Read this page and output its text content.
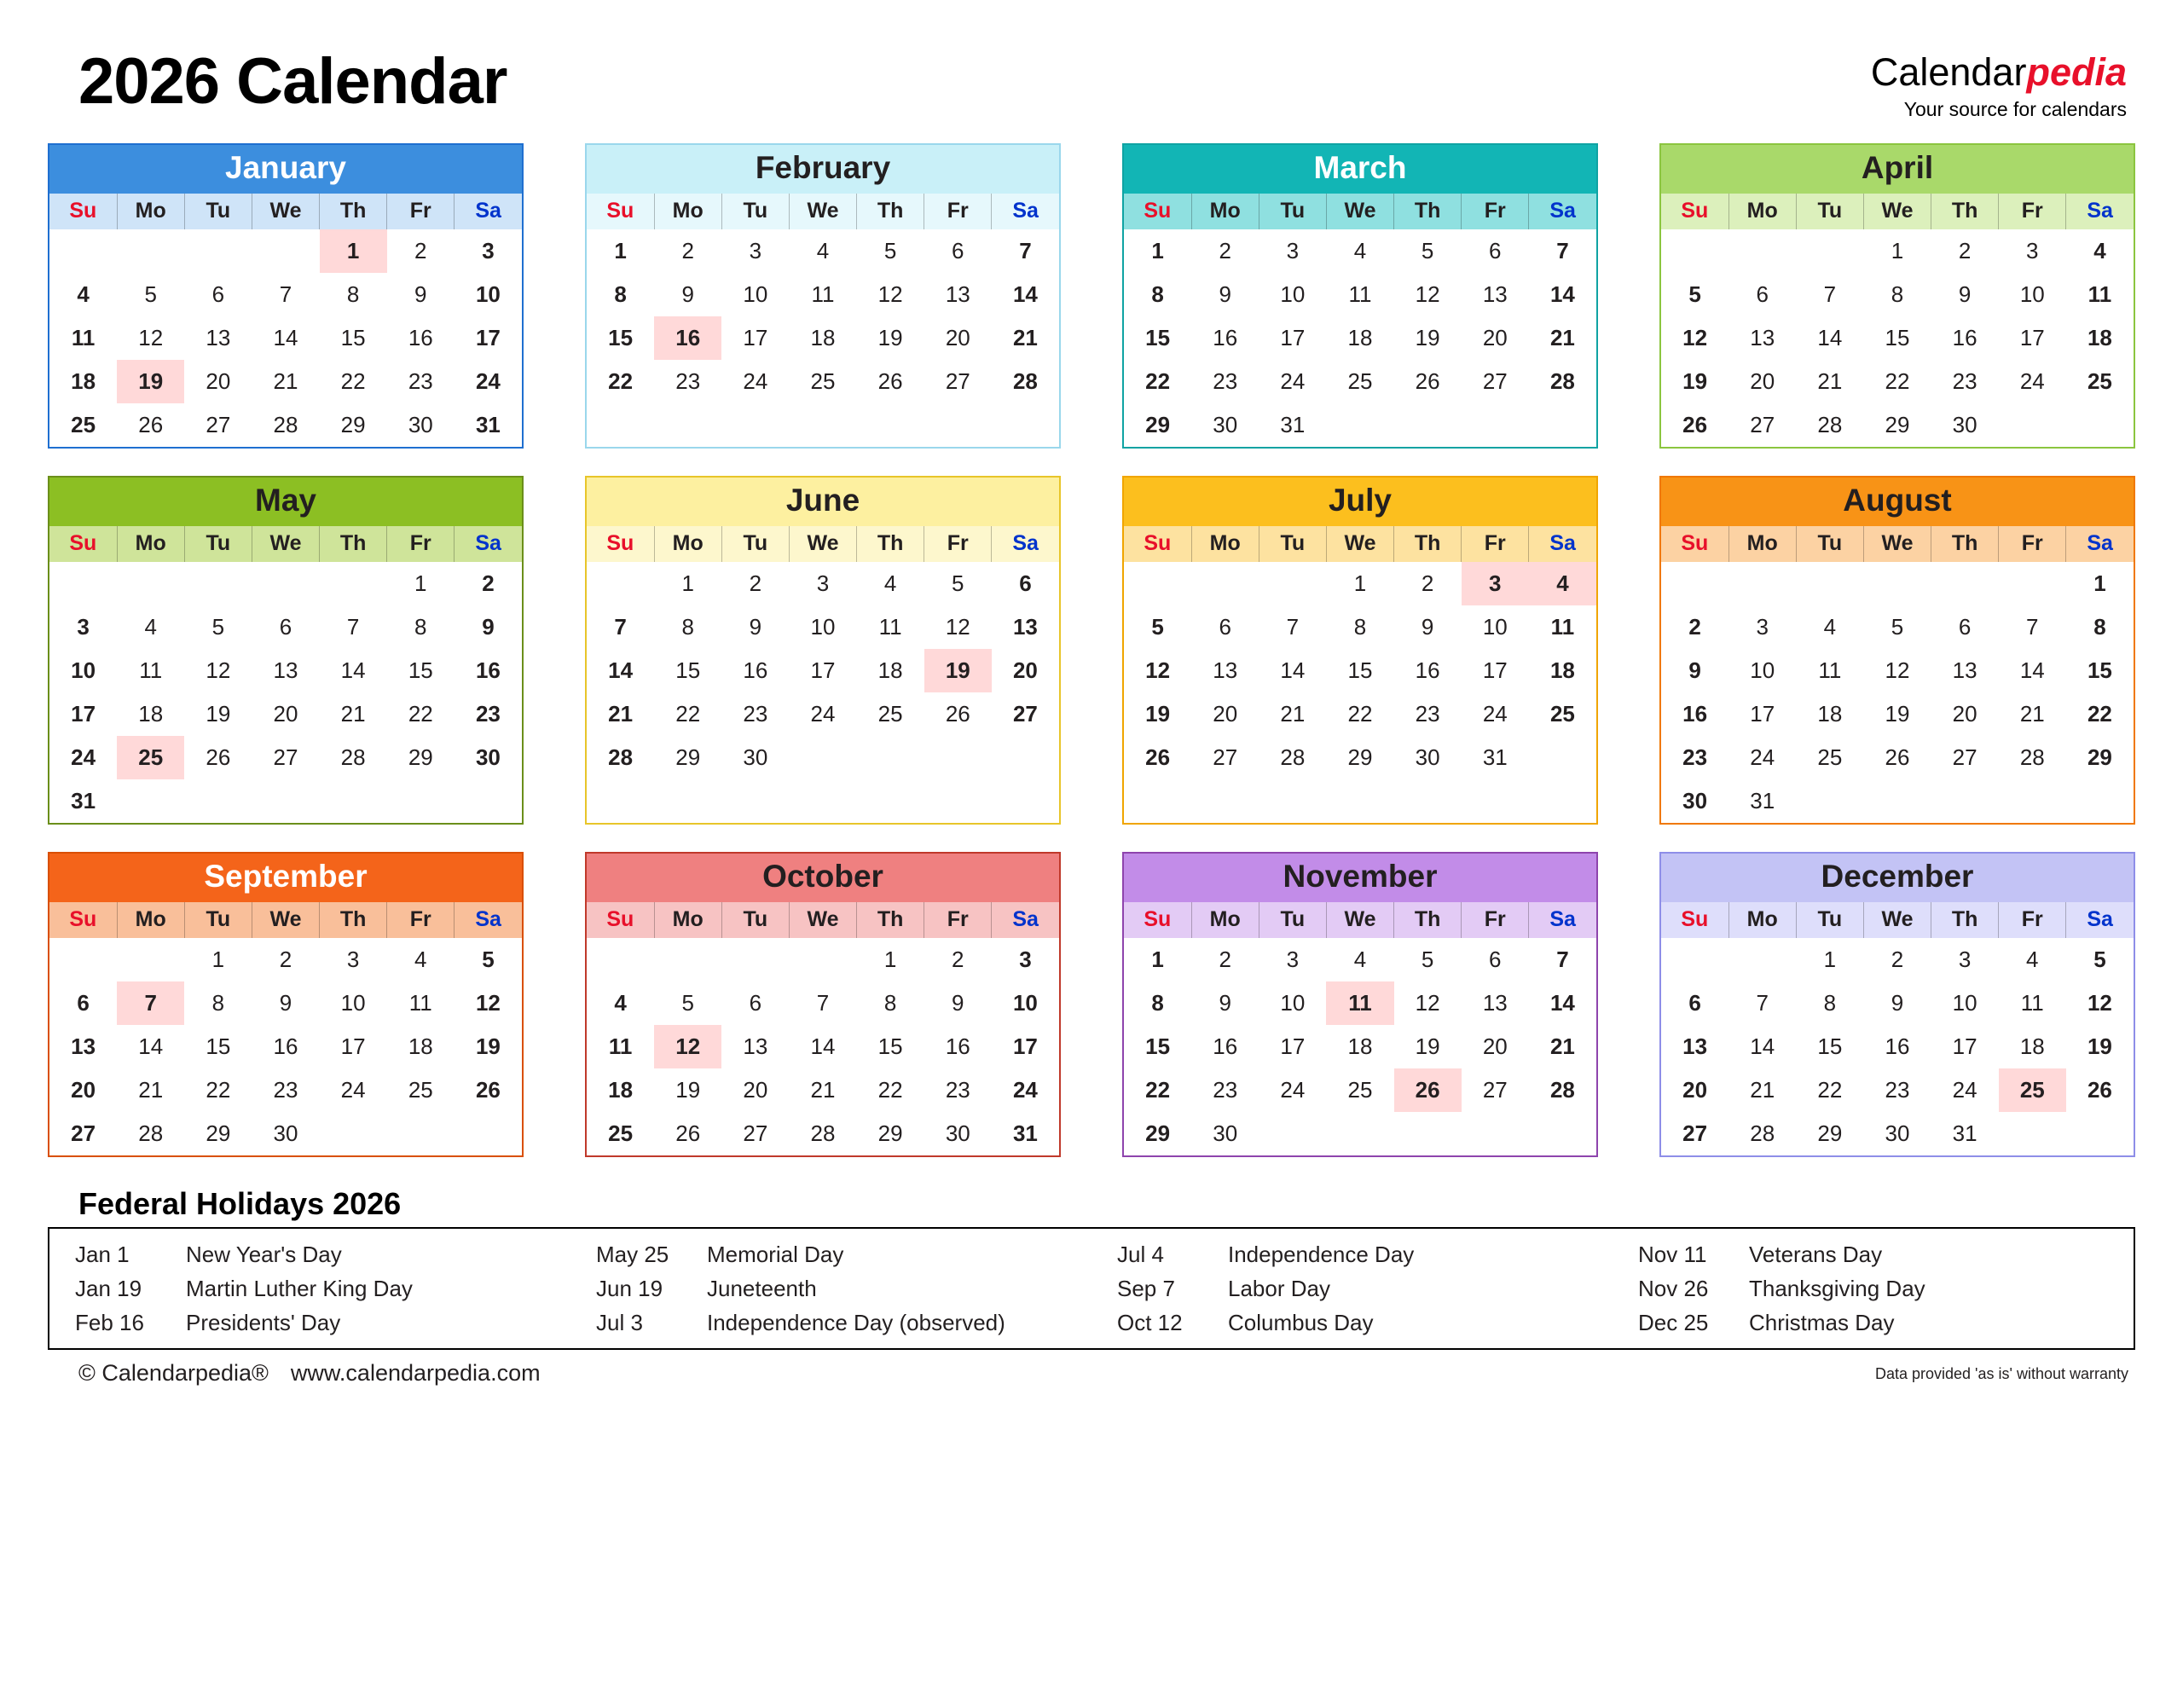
2026 Calendar	Calendarpedia
Your source for calendars
January
Su	Mo	Tu	We	Th	Fr	Sa
				1	2	3
4	5	6	7	8	9	10
11	12	13	14	15	16	17
18	19	20	21	22	23	24
25	26	27	28	29	30	31
February
Su	Mo	Tu	We	Th	Fr	Sa
1	2	3	4	5	6	7
8	9	10	11	12	13	14
15	16	17	18	19	20	21
22	23	24	25	26	27	28
March
Su	Mo	Tu	We	Th	Fr	Sa
1	2	3	4	5	6	7
8	9	10	11	12	13	14
15	16	17	18	19	20	21
22	23	24	25	26	27	28
29	30	31				
April
Su	Mo	Tu	We	Th	Fr	Sa
			1	2	3	4
5	6	7	8	9	10	11
12	13	14	15	16	17	18
19	20	21	22	23	24	25
26	27	28	29	30		
May
Su	Mo	Tu	We	Th	Fr	Sa
					1	2
3	4	5	6	7	8	9
10	11	12	13	14	15	16
17	18	19	20	21	22	23
24	25	26	27	28	29	30
31						
June
Su	Mo	Tu	We	Th	Fr	Sa
	1	2	3	4	5	6
7	8	9	10	11	12	13
14	15	16	17	18	19	20
21	22	23	24	25	26	27
28	29	30				
July
Su	Mo	Tu	We	Th	Fr	Sa
			1	2	3	4
5	6	7	8	9	10	11
12	13	14	15	16	17	18
19	20	21	22	23	24	25
26	27	28	29	30	31	
August
Su	Mo	Tu	We	Th	Fr	Sa
						1
2	3	4	5	6	7	8
9	10	11	12	13	14	15
16	17	18	19	20	21	22
23	24	25	26	27	28	29
30	31					
September
Su	Mo	Tu	We	Th	Fr	Sa
		1	2	3	4	5
6	7	8	9	10	11	12
13	14	15	16	17	18	19
20	21	22	23	24	25	26
27	28	29	30			
October
Su	Mo	Tu	We	Th	Fr	Sa
				1	2	3
4	5	6	7	8	9	10
11	12	13	14	15	16	17
18	19	20	21	22	23	24
25	26	27	28	29	30	31
November
Su	Mo	Tu	We	Th	Fr	Sa
1	2	3	4	5	6	7
8	9	10	11	12	13	14
15	16	17	18	19	20	21
22	23	24	25	26	27	28
29	30					
December
Su	Mo	Tu	We	Th	Fr	Sa
		1	2	3	4	5
6	7	8	9	10	11	12
13	14	15	16	17	18	19
20	21	22	23	24	25	26
27	28	29	30	31		
Federal Holidays 2026
Jan 1	New Year's Day
Jan 19	Martin Luther King Day
Feb 16	Presidents' Day
May 25	Memorial Day
Jun 19	Juneteenth
Jul 3	Independence Day (observed)
Jul 4	Independence Day
Sep 7	Labor Day
Oct 12	Columbus Day
Nov 11	Veterans Day
Nov 26	Thanksgiving Day
Dec 25	Christmas Day
© Calendarpedia® www.calendarpedia.com	Data provided 'as is' without warranty
